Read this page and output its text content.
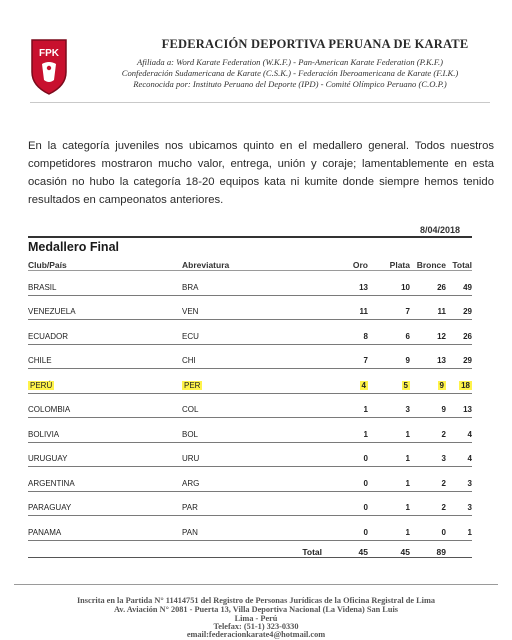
FPK
FEDERACIÓN DEPORTIVA PERUANA DE KARATE
Afiliada a: Word Karate Federation (W.K.F.) - Pan-American Karate Federation (P.K.F.)
Confederación Sudamericana de Karate (C.S.K.) - Federación Iberoamericana de Karate (F.I.K.)
Reconocida por: Instituto Peruano del Deporte (IPD) - Comité Olímpico Peruano (C.O.P.)
En la categoría juveniles nos ubicamos quinto en el medallero general. Todos nuestros competidores mostraron mucho valor, entrega, unión y coraje; lamentablemente en esta ocasión no hubo la categoría 18-20 equipos kata ni kumite donde siempre hemos tenido resultados en campeonatos anteriores.
8/04/2018
Medallero Final
Club/País	Abreviatura	Oro	Plata Bronce Total
BRASIL	BRA	13	10	26	49
VENEZUELA	VEN	11	7	11	29
ECUADOR	ECU	8	6	12	26
CHILE	CHI	7	9	13	29
PERÚ	PER	4	5	9	18
COLOMBIA	COL	1	3	9	13
BOLIVIA	BOL	1	1	2	4
URUGUAY	URU	0	1	3	4
ARGENTINA	ARG	0	1	2	3
PARAGUAY	PAR	0	1	2	3
PANAMA	PAN	0	1	0	1
Total	45	45	89
Inscrita en la Partida N° 11414751 del Registro de Personas Jurídicas de la Oficina Registral de Lima
Av. Aviación N° 2081 - Puerta 13, Villa Deportiva Nacional (La Videna) San Luis
Lima - Perú
Telefax: (51-1) 323-0330
email:federacionkarate4@hotmail.com
